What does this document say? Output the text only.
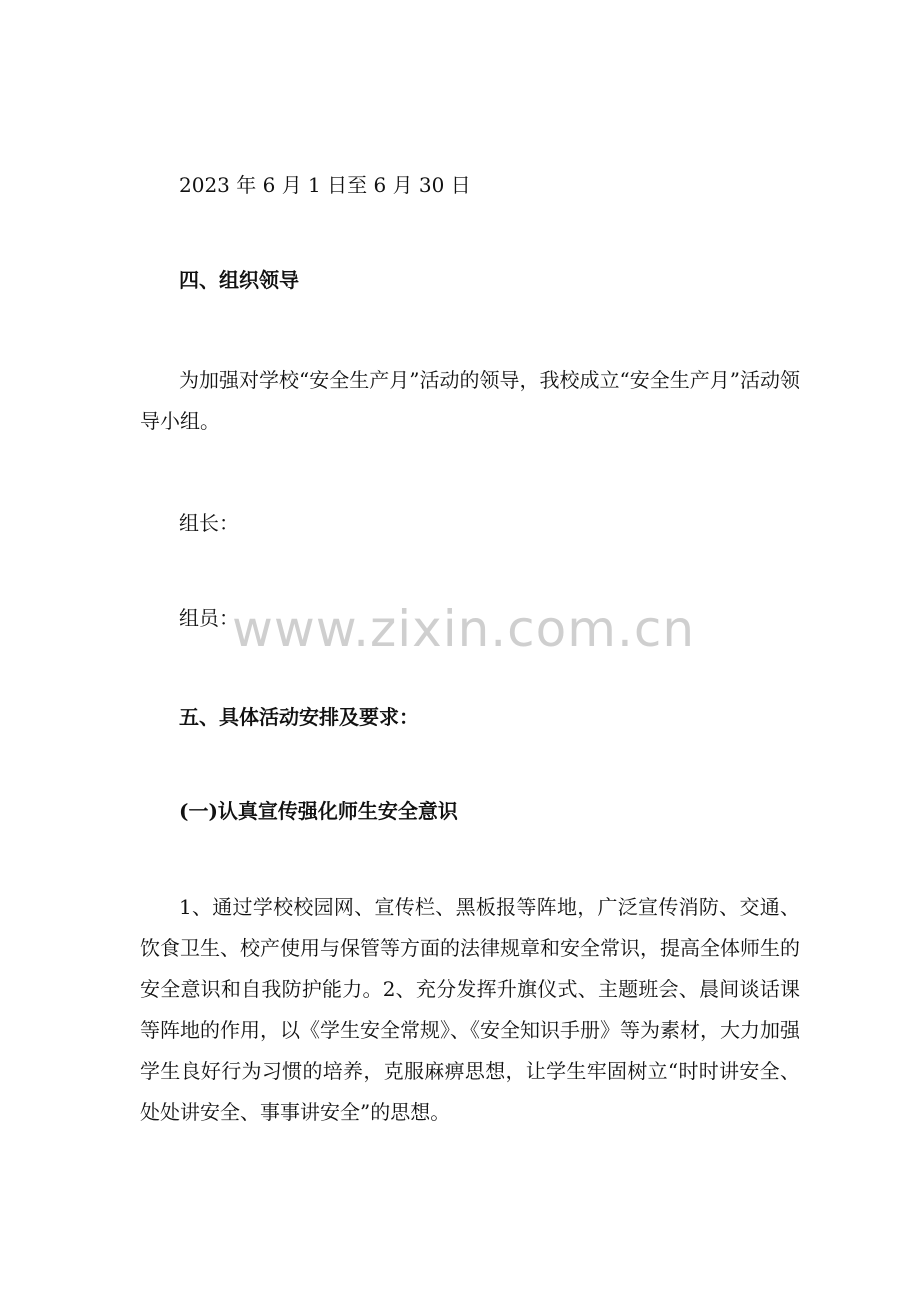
2023 年 6 月 1 日至 6 月 30 日
四、组织领导
为加强对学校“安全生产月”活动的领导，我校成立“安全生产月”活动领导小组。
组长：
组员：
五、具体活动安排及要求：
(一)认真宣传强化师生安全意识
1、通过学校校园网、宣传栏、黑板报等阵地，广泛宣传消防、交通、饮食卫生、校产使用与保管等方面的法律规章和安全常识，提高全体师生的安全意识和自我防护能力。2、充分发挥升旗仪式、主题班会、晨间谈话课等阵地的作用，以《学生安全常规》、《安全知识手册》等为素材，大力加强学生良好行为习惯的培养，克服麻痹思想，让学生牢固树立“时时讲安全、处处讲安全、事事讲安全”的思想。
www.zixin.com.cn
